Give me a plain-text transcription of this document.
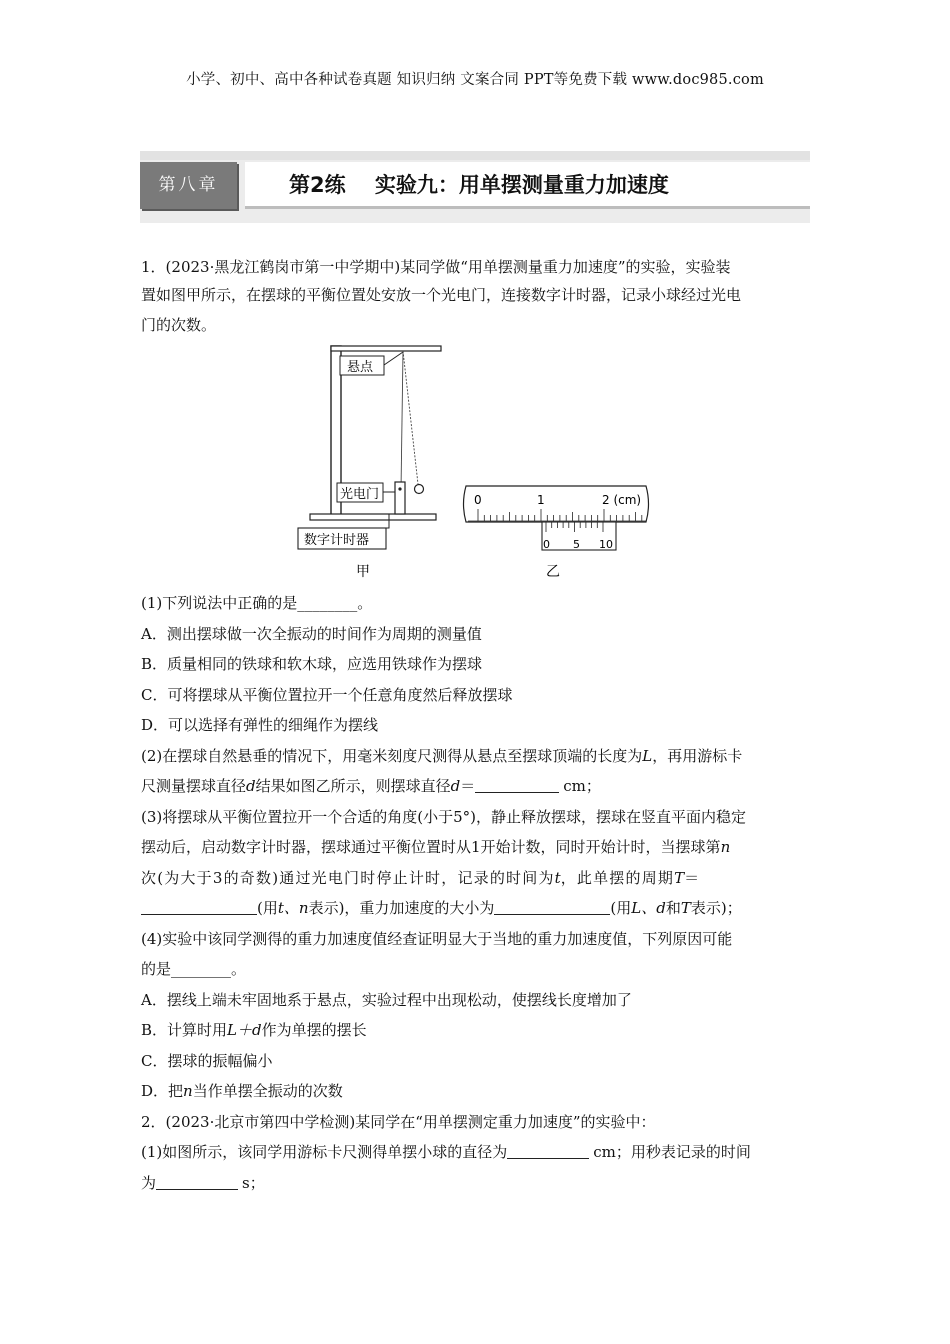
小学、初中、高中各种试卷真题 知识归纳 文案合同 PPT等免费下载 www.doc985.com
第八章	第2练    实验九：用单摆测量重力加速度
1．(2023·黑龙江鹤岗市第一中学期中)某同学做“用单摆测量重力加速度”的实验，实验装
置如图甲所示，在摆球的平衡位置处安放一个光电门，连接数字计时器，记录小球经过光电
门的次数。
悬点
光电门
数字计时器
甲
0	1	2 (cm)
0 5 10
乙
(1)下列说法中正确的是________。
A．测出摆球做一次全振动的时间作为周期的测量值
B．质量相同的铁球和软木球，应选用铁球作为摆球
C．可将摆球从平衡位置拉开一个任意角度然后释放摆球
D．可以选择有弹性的细绳作为摆线
(2)在摆球自然悬垂的情况下，用毫米刻度尺测得从悬点至摆球顶端的长度为L，再用游标卡
尺测量摆球直径d结果如图乙所示，则摆球直径d＝	cm；
(3)将摆球从平衡位置拉开一个合适的角度(小于5°)，静止释放摆球，摆球在竖直平面内稳定
摆动后，启动数字计时器，摆球通过平衡位置时从1开始计数，同时开始计时，当摆球第n
次(为大于3的奇数)通过光电门时停止计时，记录的时间为t，此单摆的周期T＝
(用t、n表示)，重力加速度的大小为	(用L、d和T表示)；
(4)实验中该同学测得的重力加速度值经查证明显大于当地的重力加速度值，下列原因可能
的是________。
A．摆线上端未牢固地系于悬点，实验过程中出现松动，使摆线长度增加了
B．计算时用L＋d作为单摆的摆长
C．摆球的振幅偏小
D．把n当作单摆全振动的次数
2．(2023·北京市第四中学检测)某同学在“用单摆测定重力加速度”的实验中：
(1)如图所示，该同学用游标卡尺测得单摆小球的直径为	cm；用秒表记录的时间
为	s；
